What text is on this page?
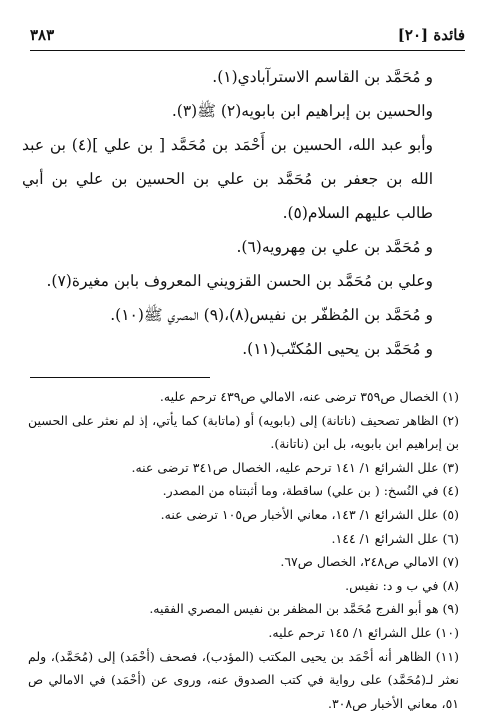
فائدة [٢٠]
٣٨٣

و مُحَمَّد بن القاسم الاسترآبادي(١).

والحسين بن إبراهيم ابن بابويه(٢) ﷺ(٣).

وأبو عبد الله، الحسين بن أَحْمَد بن مُحَمَّد [ بن علي ](٤) بن عبد الله بن جعفر بن مُحَمَّد بن علي بن الحسين بن علي بن أبي طالب عليهم السلام(٥).

و مُحَمَّد بن علي بن مِهرويه(٦).

وعلي بن مُحَمَّد بن الحسن القزويني المعروف بابن مغيرة(٧).

و مُحَمَّد بن المُظفّر بن نفيس(٨)،(٩) المصري ﷺ(١٠).

و مُحَمَّد بن يحيى المُكتّب(١١).

(١) الخصال ص٣٥٩ ترضى عنه، الامالي ص٤٣٩ ترحم عليه.

(٢) الظاهر تصحيف (ناتانة) إلى (بابويه) أو (ماتابة) كما يأتي، إذ لم نعثر على الحسين بن إبراهيم ابن بابويه، بل ابن (ناتانة).

(٣) علل الشرائع ١/ ١٤١ ترحم عليه، الخصال ص٣٤١ ترضى عنه.

(٤) في النُسخ: ( بن علي) ساقطة، وما أثبتناه من المصدر.

(٥) علل الشرائع ١/ ١٤٣، معاني الأخبار ص١٠٥ ترضى عنه.

(٦) علل الشرائع ١/ ١٤٤.

(٧) الامالي ص٢٤٨، الخصال ص٦٧.

(٨) في ب و د: نفيس.

(٩) هو أبو الفرج مُحَمَّد بن المظفر بن نفيس المصري الفقيه.

(١٠) علل الشرائع ١/ ١٤٥ ترحم عليه.

(١١) الظاهر أنه أحْمَد بن يحيى المكتب (المؤدب)، فصحف (أحْمَد) إلى (مُحَمَّد)، ولم نعثر لـ(مُحَمَّد) على رواية في كتب الصدوق عنه، وروى عن (أحْمَد) في الامالي ص ٥١، معاني الأخبار ص٣٠٨.
